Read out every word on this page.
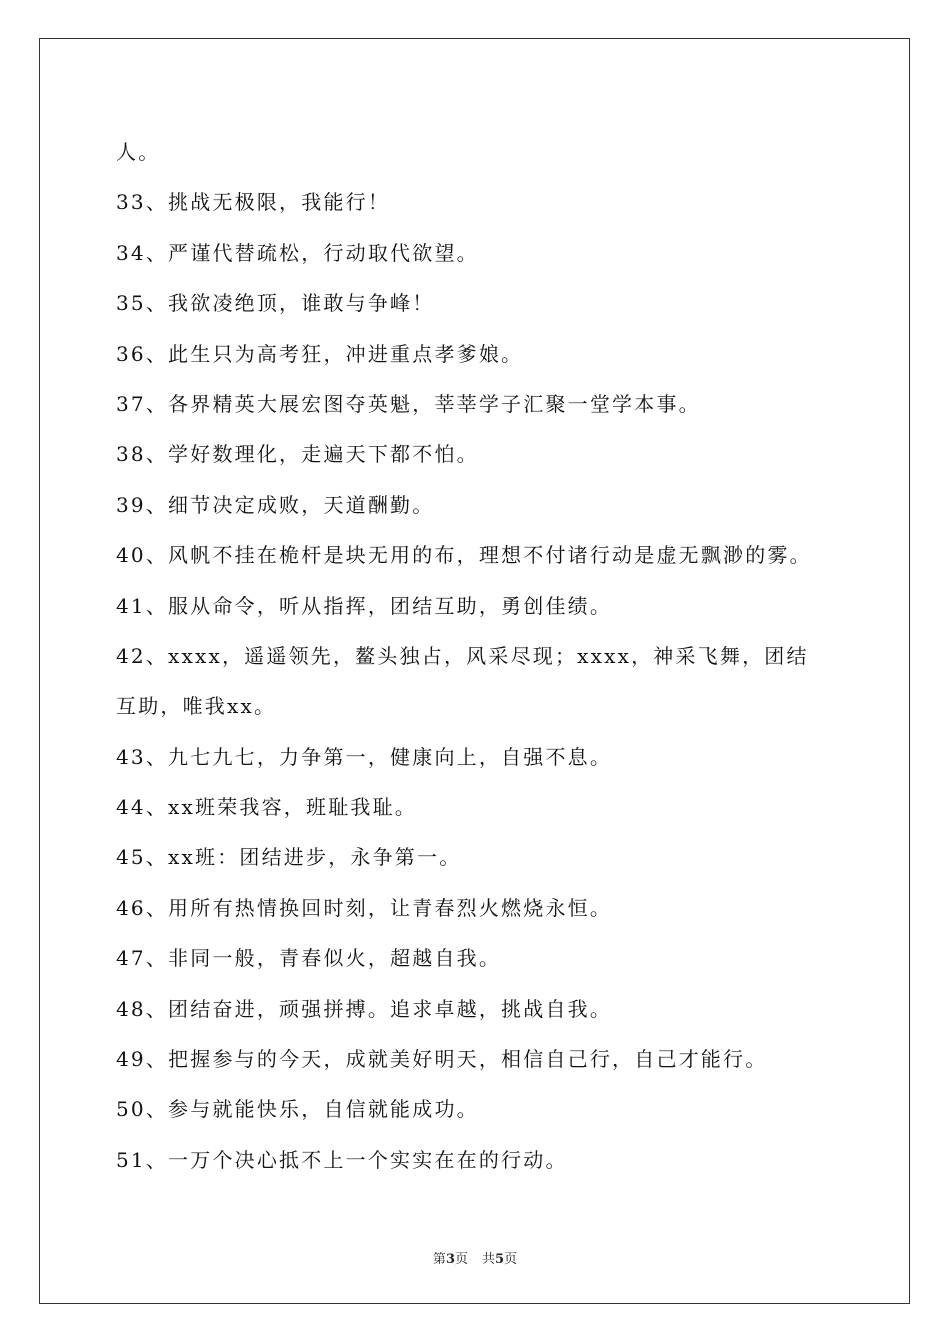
人。
33、挑战无极限，我能行！
34、严谨代替疏松，行动取代欲望。
35、我欲凌绝顶，谁敢与争峰！
36、此生只为高考狂，冲进重点孝爹娘。
37、各界精英大展宏图夺英魁，莘莘学子汇聚一堂学本事。
38、学好数理化，走遍天下都不怕。
39、细节决定成败，天道酬勤。
40、风帆不挂在桅杆是块无用的布，理想不付诸行动是虚无飘渺的雾。
41、服从命令，听从指挥，团结互助，勇创佳绩。
42、xxxx，遥遥领先，鳌头独占，风采尽现；xxxx，神采飞舞，团结
互助，唯我xx。
43、九七九七，力争第一，健康向上，自强不息。
44、xx班荣我容，班耻我耻。
45、xx班：团结进步，永争第一。
46、用所有热情换回时刻，让青春烈火燃烧永恒。
47、非同一般，青春似火，超越自我。
48、团结奋进，顽强拼搏。追求卓越，挑战自我。
49、把握参与的今天，成就美好明天，相信自己行，自己才能行。
50、参与就能快乐，自信就能成功。
51、一万个决心抵不上一个实实在在的行动。
第3页 共5页
